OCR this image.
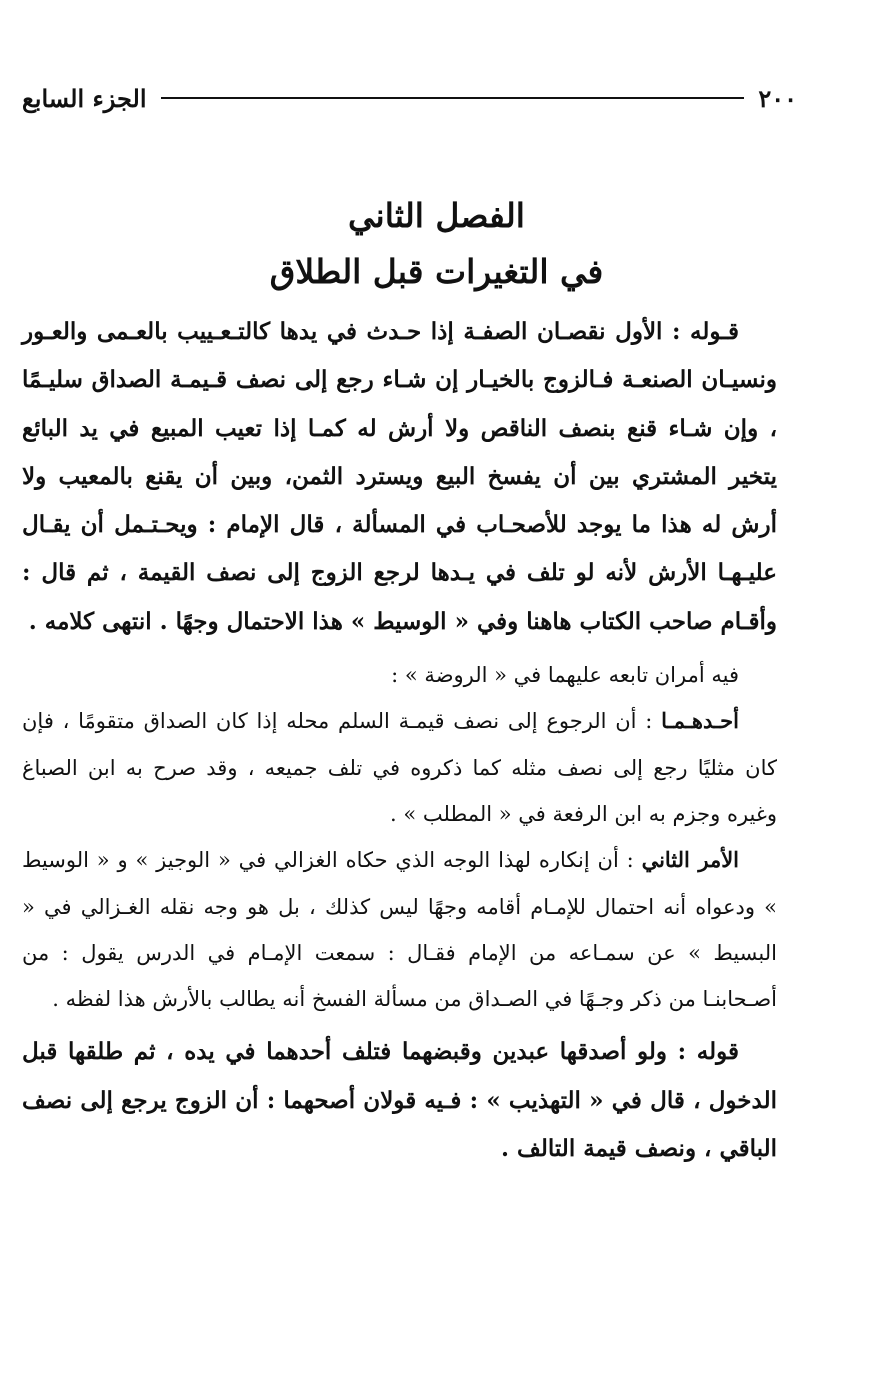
٢٠٠
الجزء السابع
الفصل الثاني
في التغيرات قبل الطلاق

قـوله : الأول نقصـان الصفـة إذا حـدث في يدها كالتـعـييب بالعـمى والعـور ونسيـان الصنعـة فـالزوج بالخيـار إن شـاء رجع إلى نصف قـيمـة الصداق سليـمًا ، وإن شـاء قنع بنصف الناقص ولا أرش له كمـا إذا تعيب المبيع في يد البائع يتخير المشتري بين أن يفسخ البيع ويسترد الثمن، وبين أن يقنع بالمعيب ولا أرش له هذا ما يوجد للأصحـاب في المسألة ، قال الإمام : ويحـتـمل أن يقـال عليـهـا الأرش لأنه لو تلف في يـدها لرجع الزوج إلى نصف القيمة ، ثم قال : وأقـام صاحب الكتاب هاهنا وفي « الوسيط » هذا الاحتمال وجهًا . انتهى كلامه .

فيه أمران تابعه عليهما في « الروضة » :

أحـدهـمـا : أن الرجوع إلى نصف قيمـة السلم محله إذا كان الصداق متقومًا ، فإن كان مثليًا رجع إلى نصف مثله كما ذكروه في تلف جميعه ، وقد صرح به ابن الصباغ وغيره وجزم به ابن الرفعة في « المطلب » .

الأمر الثاني : أن إنكاره لهذا الوجه الذي حكاه الغزالي في « الوجيز » و « الوسيط » ودعواه أنه احتمال للإمـام أقامه وجهًا ليس كذلك ، بل هو وجه نقله الغـزالي في « البسيط » عن سمـاعه من الإمام فقـال : سمعت الإمـام في الدرس يقول : من أصـحابنـا من ذكر وجـهًا في الصـداق من مسألة الفسخ أنه يطالب بالأرش هذا لفظه .

قوله : ولو أصدقها عبدين وقبضهما فتلف أحدهما في يده ، ثم طلقها قبل الدخول ، قال في « التهذيب » : فـيه قولان أصحهما : أن الزوج يرجع إلى نصف الباقي ، ونصف قيمة التالف .
